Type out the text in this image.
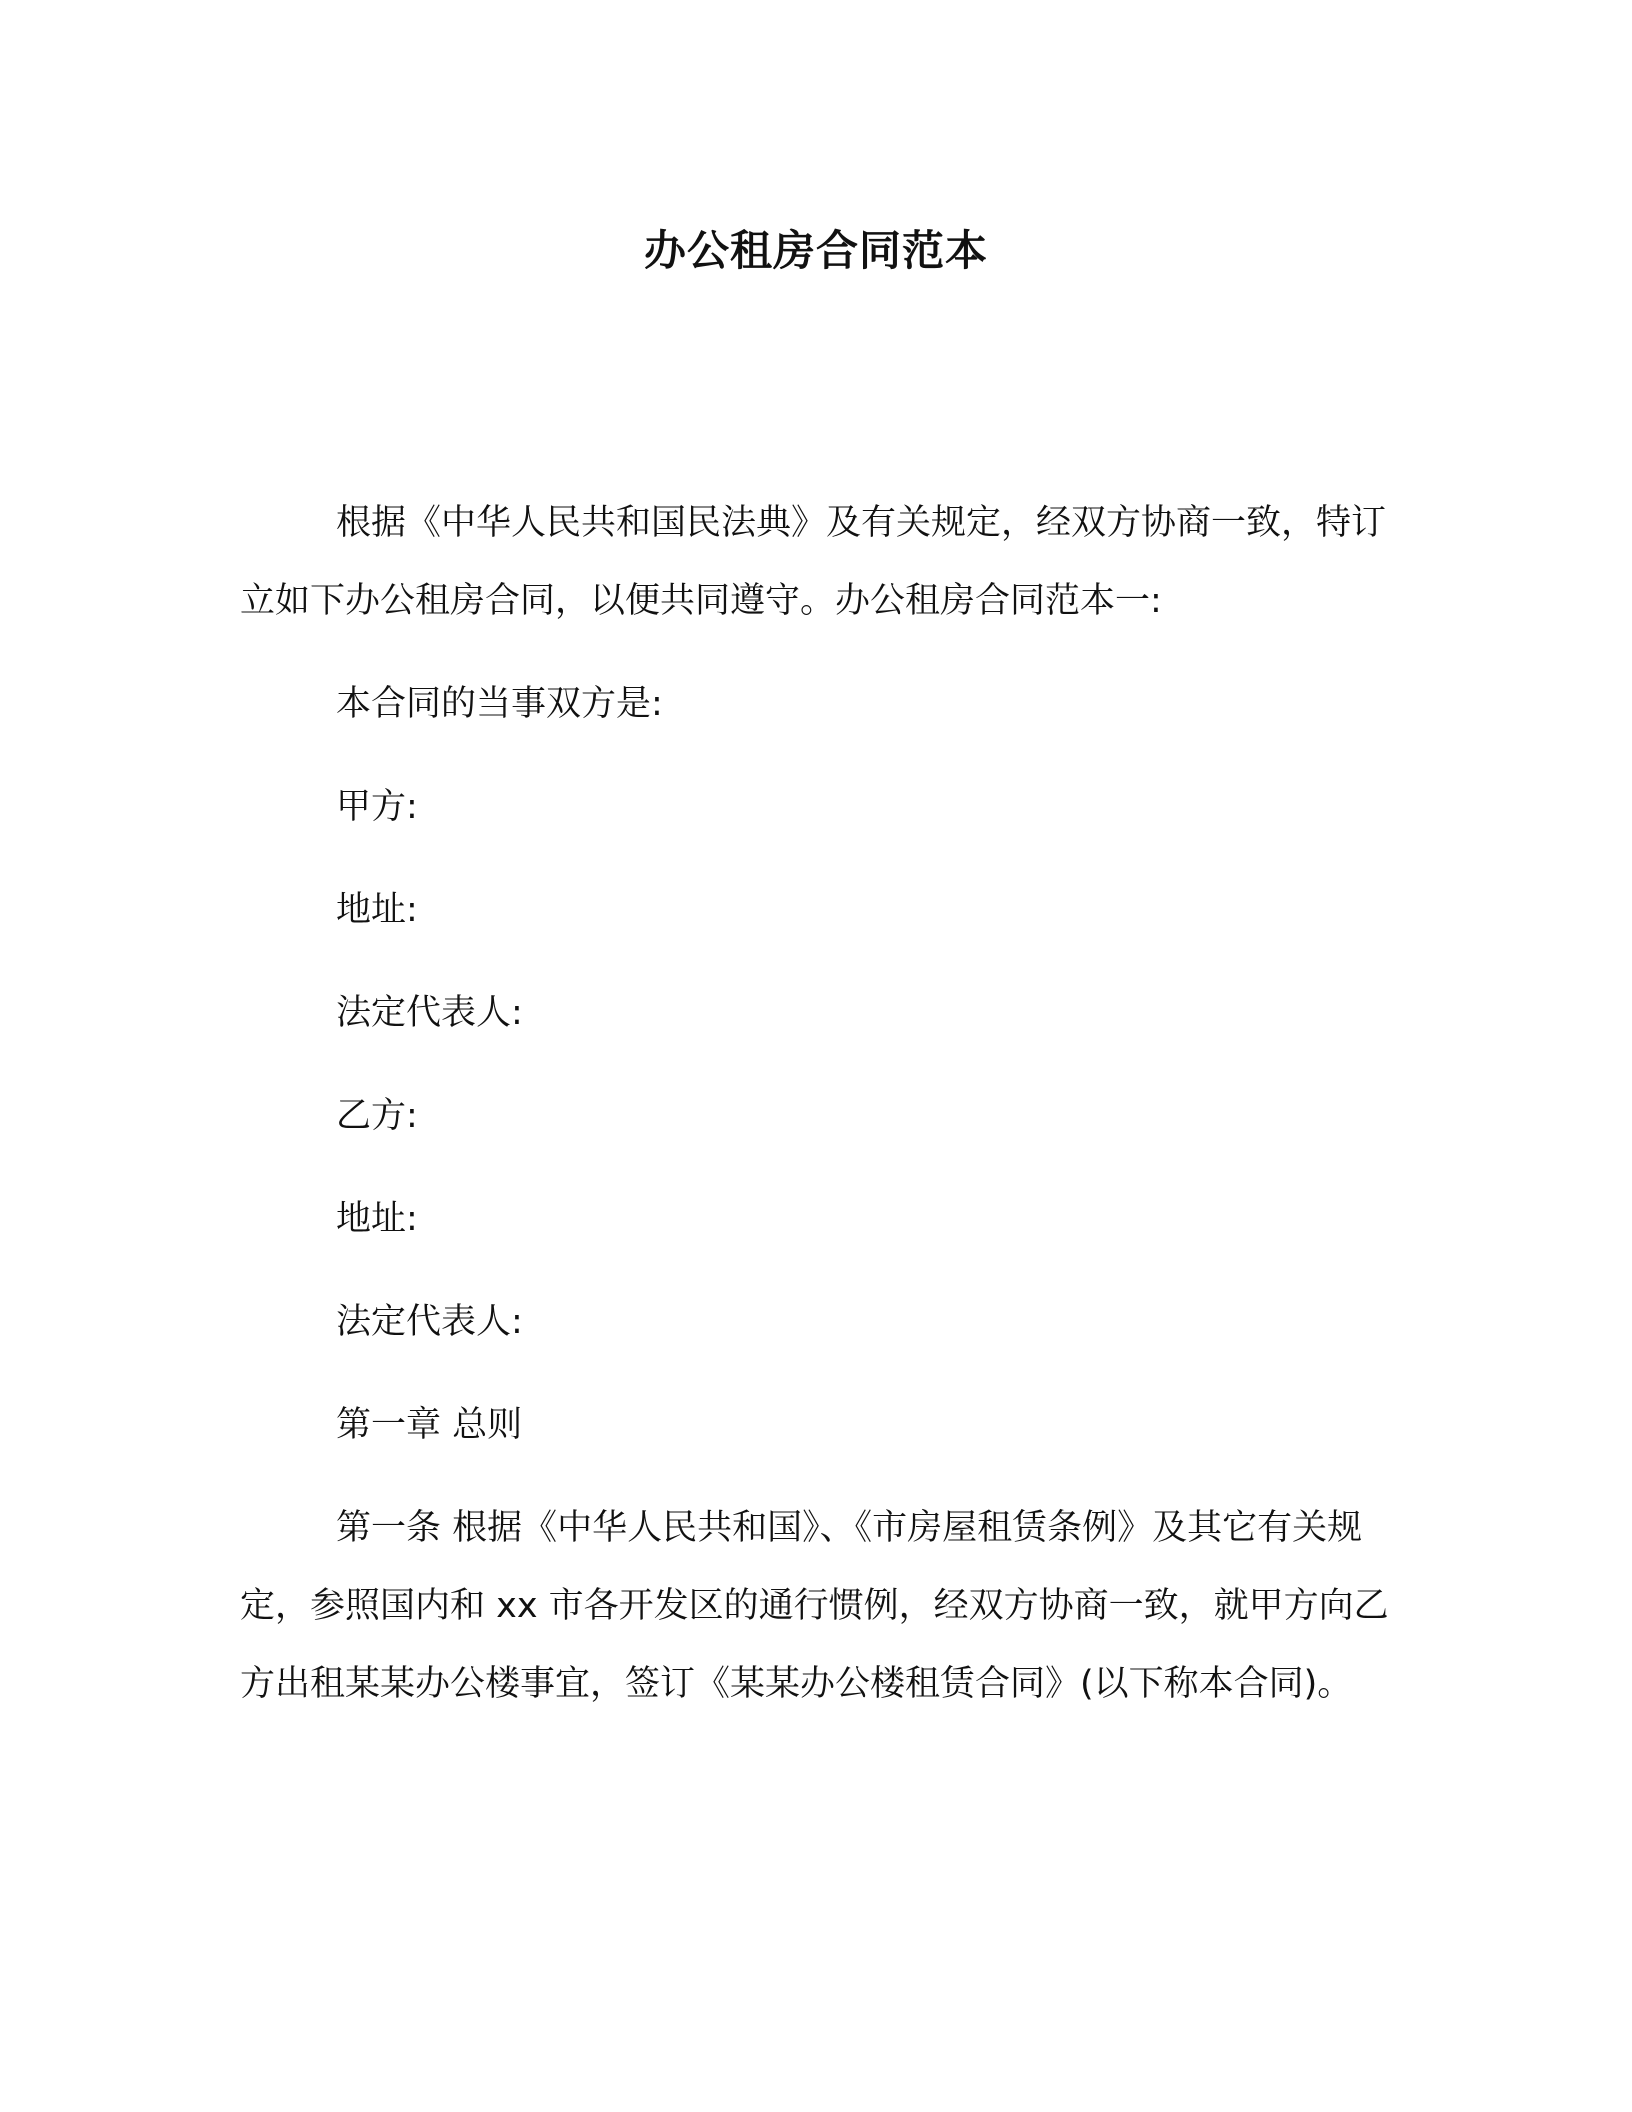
办公租房合同范本

根据《中华人民共和国民法典》及有关规定，经双方协商一致，特订立如下办公租房合同，以便共同遵守。办公租房合同范本一:

本合同的当事双方是:

甲方:

地址:

法定代表人:

乙方:

地址:

法定代表人:

第一章 总则

第一条 根据《中华人民共和国》、《市房屋租赁条例》及其它有关规定，参照国内和 xx 市各开发区的通行惯例，经双方协商一致，就甲方向乙方出租某某办公楼事宜，签订《某某办公楼租赁合同》(以下称本合同)。
